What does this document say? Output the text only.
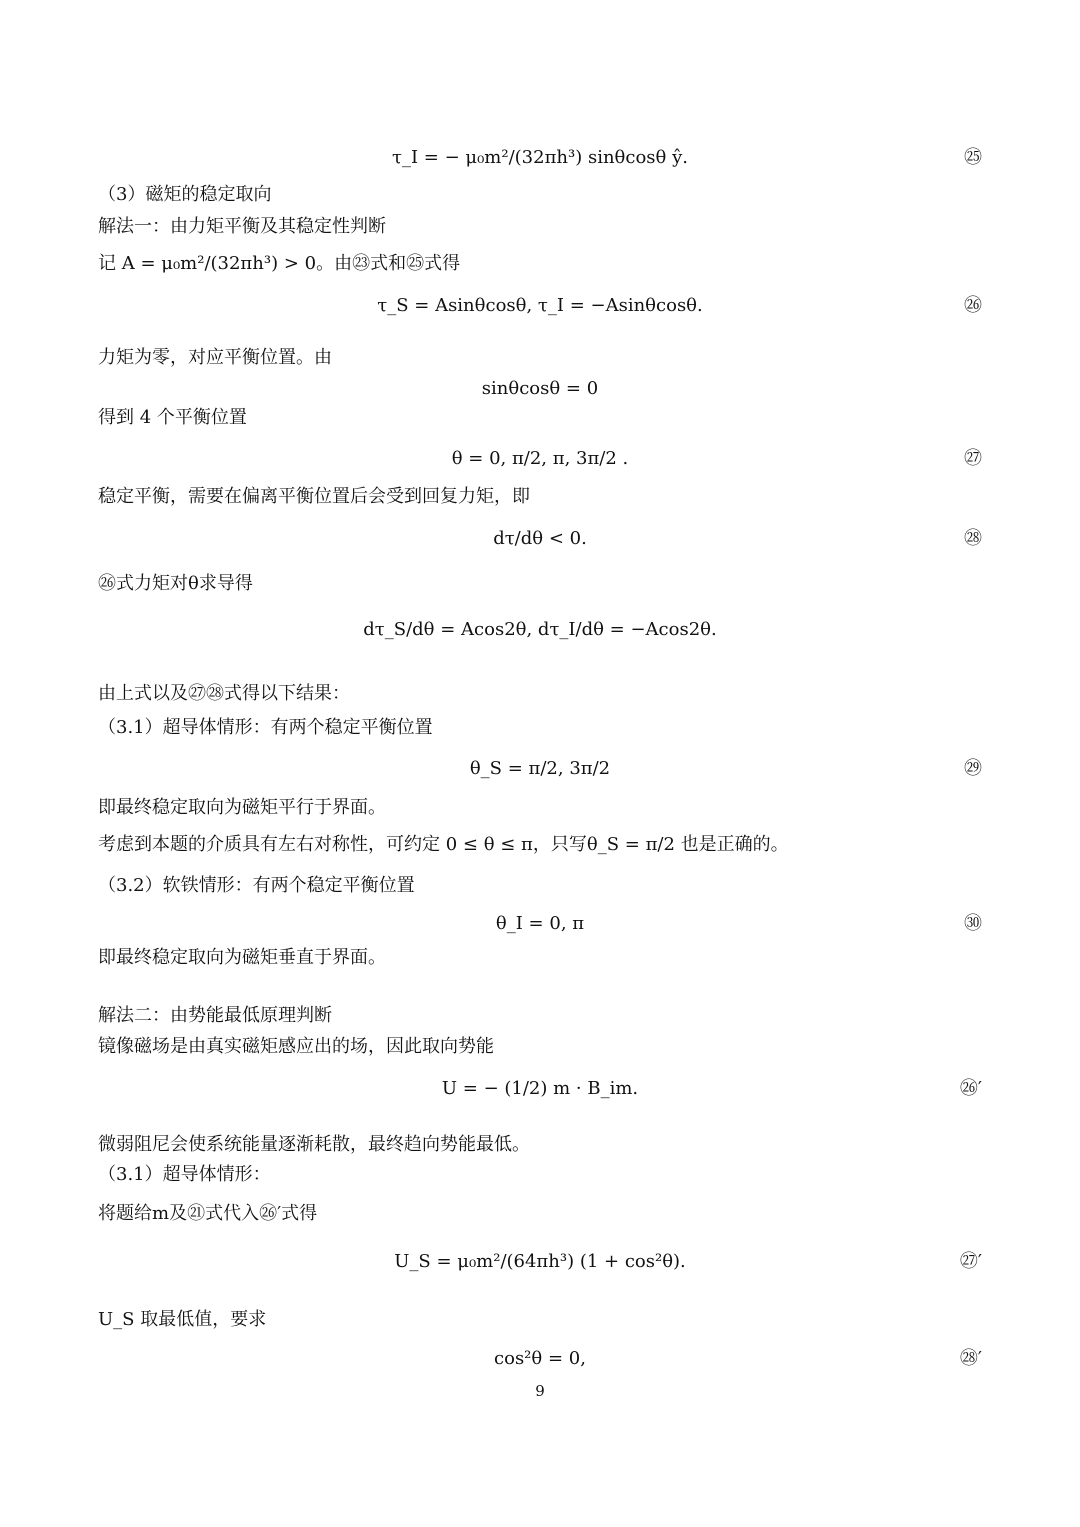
τ_I = − μ₀m²/(32πh³) sinθcosθ ŷ.
（3）磁矩的稳定取向
解法一：由力矩平衡及其稳定性判断
记 A = μ₀m²/(32πh³) > 0。由㉓式和㉕式得
τ_S = Asinθcosθ, τ_I = −Asinθcosθ.
力矩为零，对应平衡位置。由
sinθcosθ = 0
得到 4 个平衡位置
θ = 0, π/2, π, 3π/2 .
稳定平衡，需要在偏离平衡位置后会受到回复力矩，即
dτ/dθ < 0.
㉖式力矩对θ求导得
dτ_S/dθ = Acos2θ, dτ_I/dθ = −Acos2θ.
由上式以及㉗㉘式得以下结果：
（3.1）超导体情形：有两个稳定平衡位置
θ_S = π/2, 3π/2
即最终稳定取向为磁矩平行于界面。
考虑到本题的介质具有左右对称性，可约定 0 ≤ θ ≤ π，只写θ_S = π/2 也是正确的。
（3.2）软铁情形：有两个稳定平衡位置
θ_I = 0, π
即最终稳定取向为磁矩垂直于界面。
解法二：由势能最低原理判断
镜像磁场是由真实磁矩感应出的场，因此取向势能
U = − (1/2) m · B_im.
微弱阻尼会使系统能量逐渐耗散，最终趋向势能最低。
（3.1）超导体情形：
将题给m及㉑式代入㉖′式得
U_S = μ₀m²/(64πh³) (1 + cos²θ).
U_S 取最低值，要求
cos²θ = 0,
㉕
㉖
㉗
㉘
㉙
㉚
㉖′
㉗′
㉘′
9
